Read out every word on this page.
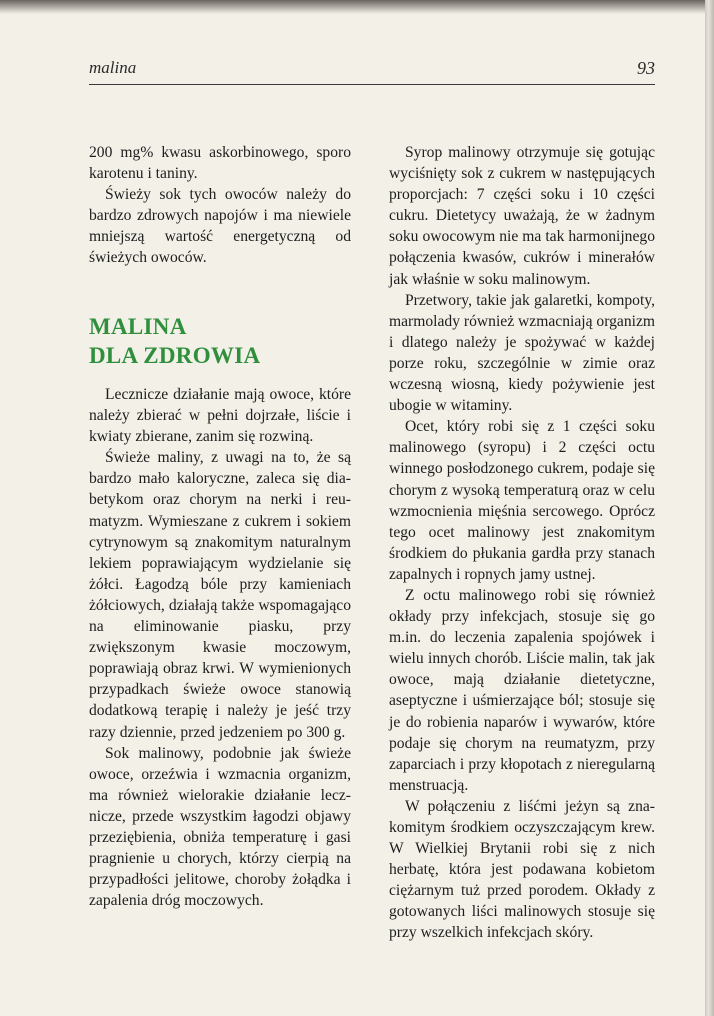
malina	93

200 mg% kwasu askorbinowego, sporo karotenu i taniny.

Świeży sok tych owoców należy do bardzo zdrowych napojów i ma niewiele mniejszą wartość energetyczną od świeżych owoców.

MALINA
DLA ZDROWIA

Lecznicze działanie mają owoce, które należy zbierać w pełni dojrzałe, liście i kwiaty zbierane, zanim się rozwiną.

Świeże maliny, z uwagi na to, że są bardzo mało kaloryczne, zaleca się diabetykom oraz chorym na nerki i reumatyzm. Wymieszane z cukrem i sokiem cytrynowym są znakomitym naturalnym lekiem poprawiającym wydzielanie się żółci. Łagodzą bóle przy kamieniach żółciowych, działają także wspomagająco na eliminowanie piasku, przy zwiększonym kwasie moczowym, poprawiają obraz krwi. W wymienionych przypadkach świeże owoce stanowią dodatkową terapię i należy je jeść trzy razy dziennie, przed jedzeniem po 300 g.

Sok malinowy, podobnie jak świeże owoce, orzeźwia i wzmacnia organizm, ma również wielorakie działanie lecznicze, przede wszystkim łagodzi objawy przeziębienia, obniża temperaturę i gasi pragnienie u chorych, którzy cierpią na przypadłości jelitowe, choroby żołądka i zapalenia dróg moczowych.

Syrop malinowy otrzymuje się gotując wyciśnięty sok z cukrem w następujących proporcjach: 7 części soku i 10 części cukru. Dietetycy uważają, że w żadnym soku owocowym nie ma tak harmonijnego połączenia kwasów, cukrów i minerałów jak właśnie w soku malinowym.

Przetwory, takie jak galaretki, kompoty, marmolady również wzmacniają organizm i dlatego należy je spożywać w każdej porze roku, szczególnie w zimie oraz wczesną wiosną, kiedy pożywienie jest ubogie w witaminy.

Ocet, który robi się z 1 części soku malinowego (syropu) i 2 części octu winnego posłodzonego cukrem, podaje się chorym z wysoką temperaturą oraz w celu wzmocnienia mięśnia sercowego. Oprócz tego ocet malinowy jest znakomitym środkiem do płukania gardła przy stanach zapalnych i ropnych jamy ustnej.

Z octu malinowego robi się również okłady przy infekcjach, stosuje się go m.in. do leczenia zapalenia spojówek i wielu innych chorób. Liście malin, tak jak owoce, mają działanie dietetyczne, aseptyczne i uśmierzające ból; stosuje się je do robienia naparów i wywarów, które podaje się chorym na reumatyzm, przy zaparciach i przy kłopotach z nieregularną menstruacją.

W połączeniu z liśćmi jeżyn są znakomitym środkiem oczyszczającym krew. W Wielkiej Brytanii robi się z nich herbatę, która jest podawana kobietom ciężarnym tuż przed porodem. Okłady z gotowanych liści malinowych stosuje się przy wszelkich infekcjach skóry.
